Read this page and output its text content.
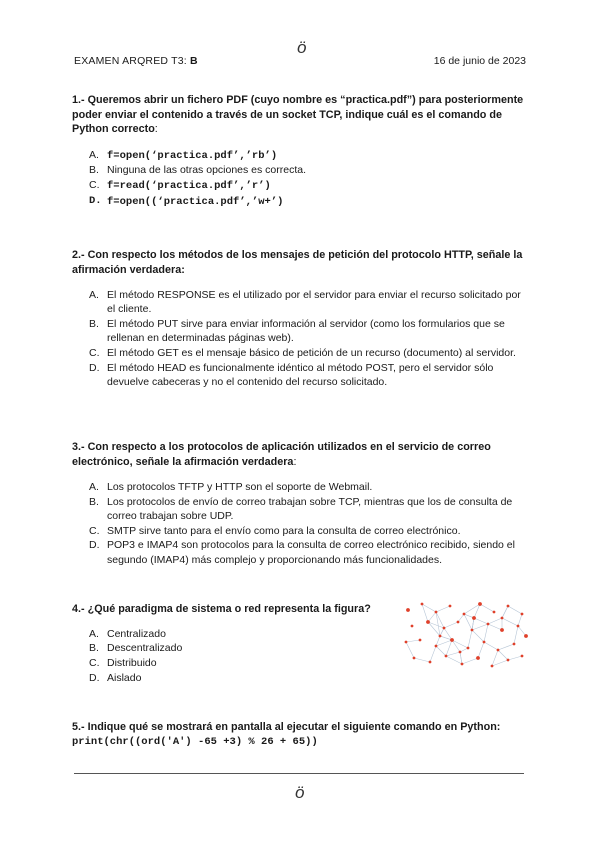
ö
EXAMEN ARQRED T3: B	16 de junio de 2023
1.- Queremos abrir un fichero PDF (cuyo nombre es “practica.pdf”) para posteriormente poder enviar el contenido a través de un socket TCP, indique cuál es el comando de Python correcto:
A. f=open(‘practica.pdf’,’rb’)
B. Ninguna de las otras opciones es correcta.
C. f=read(‘practica.pdf’,’r’)
D. f=open((‘practica.pdf’,’w+’)
2.- Con respecto los métodos de los mensajes de petición del protocolo HTTP, señale la afirmación verdadera:
A. El método RESPONSE es el utilizado por el servidor para enviar el recurso solicitado por el cliente.
B. El método PUT sirve para enviar información al servidor (como los formularios que se rellenan en determinadas páginas web).
C. El método GET es el mensaje básico de petición de un recurso (documento) al servidor.
D. El método HEAD es funcionalmente idéntico al método POST, pero el servidor sólo devuelve cabeceras y no el contenido del recurso solicitado.
3.- Con respecto a los protocolos de aplicación utilizados en el servicio de correo electrónico, señale la afirmación verdadera:
A. Los protocolos TFTP y HTTP son el soporte de Webmail.
B. Los protocolos de envío de correo trabajan sobre TCP, mientras que los de consulta de correo trabajan sobre UDP.
C. SMTP sirve tanto para el envío como para la consulta de correo electrónico.
D. POP3 e IMAP4 son protocolos para la consulta de correo electrónico recibido, siendo el segundo (IMAP4) más complejo y proporcionando más funcionalidades.
4.- ¿Qué paradigma de sistema o red representa la figura?
A. Centralizado
B. Descentralizado
C. Distribuido
D. Aislado
5.- Indique qué se mostrará en pantalla al ejecutar el siguiente comando en Python:
print(chr((ord('A') -65 +3) % 26 + 65))
ö
